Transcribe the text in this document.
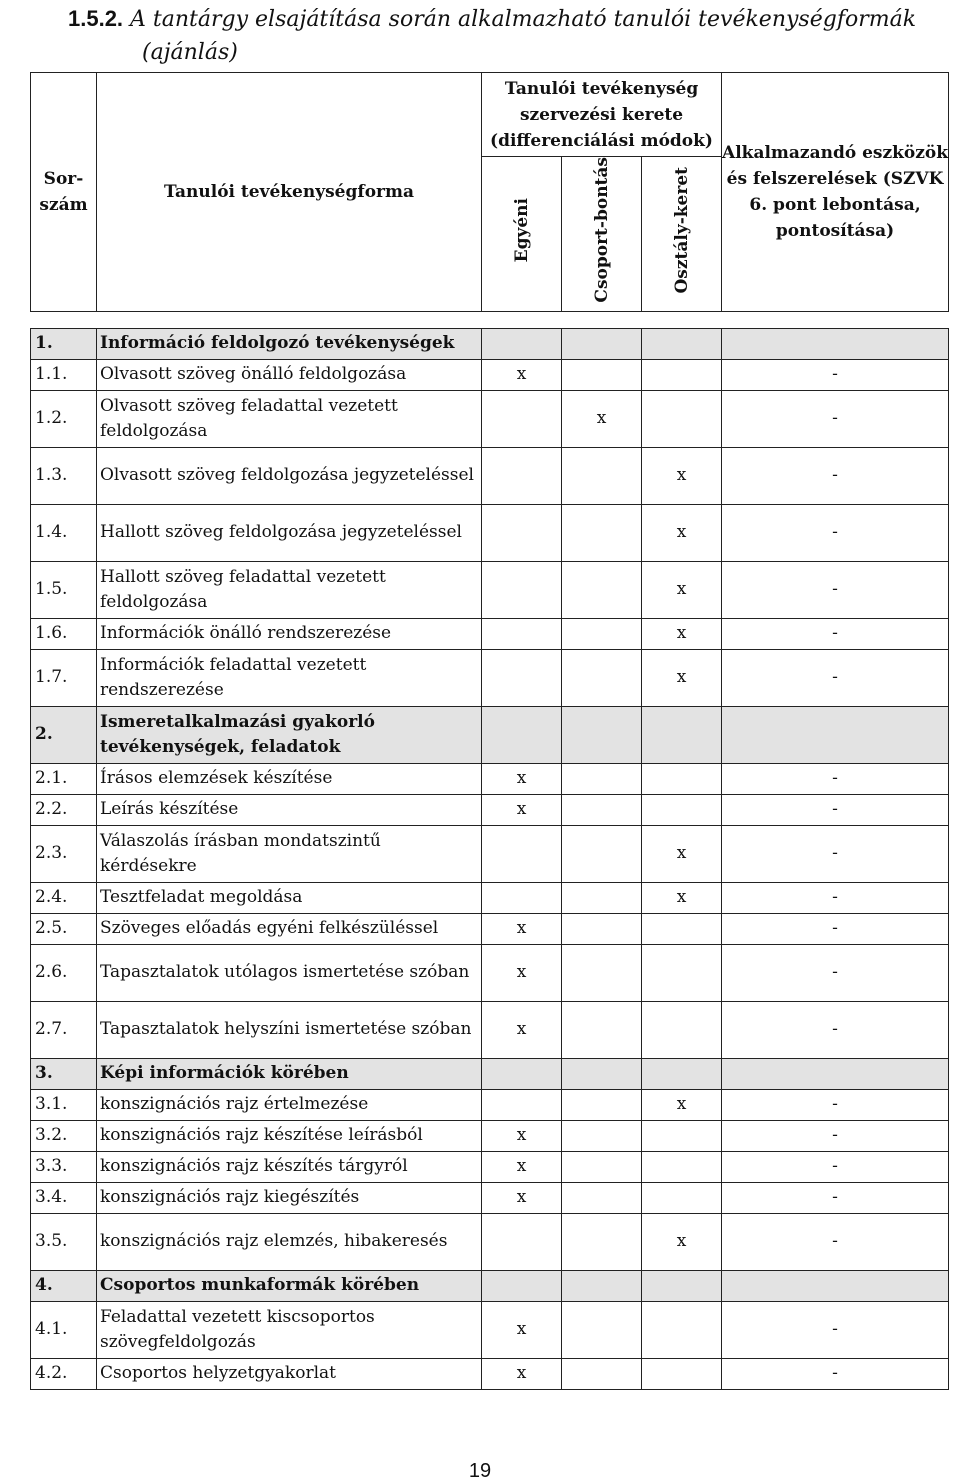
1.5.2. A tantárgy elsajátítása során alkalmazható tanulói tevékenységformák
(ajánlás)
Sor-szám	Tanulói tevékenységforma	Tanulói tevékenység szervezési kerete (differenciálási módok)			Alkalmazandó eszközök és felszerelések (SZVK 6. pont lebontása, pontosítása)
		Egyéni	Csoport-bontás	Osztály-keret	

1.	Információ feldolgozó tevékenységek				
1.1.	Olvasott szöveg önálló feldolgozása	x			-
1.2.	Olvasott szöveg feladattal vezetett feldolgozása		x		-
1.3.	Olvasott szöveg feldolgozása jegyzeteléssel			x	-
1.4.	Hallott szöveg feldolgozása jegyzeteléssel			x	-
1.5.	Hallott szöveg feladattal vezetett feldolgozása			x	-
1.6.	Információk önálló rendszerezése			x	-
1.7.	Információk feladattal vezetett rendszerezése			x	-
2.	Ismeretalkalmazási gyakorló tevékenységek, feladatok				
2.1.	Írásos elemzések készítése	x			-
2.2.	Leírás készítése	x			-
2.3.	Válaszolás írásban mondatszintű kérdésekre			x	-
2.4.	Tesztfeladat megoldása			x	-
2.5.	Szöveges előadás egyéni felkészüléssel	x			-
2.6.	Tapasztalatok utólagos ismertetése szóban	x			-
2.7.	Tapasztalatok helyszíni ismertetése szóban	x			-
3.	Képi információk körében				
3.1.	konszignációs rajz értelmezése			x	-
3.2.	konszignációs rajz készítése leírásból	x			-
3.3.	konszignációs rajz készítés tárgyról	x			-
3.4.	konszignációs rajz kiegészítés	x			-
3.5.	konszignációs rajz elemzés, hibakeresés			x	-
4.	Csoportos munkaformák körében				
4.1.	Feladattal vezetett kiscsoportos szövegfeldolgozás	x			-
4.2.	Csoportos helyzetgyakorlat	x			-
19
